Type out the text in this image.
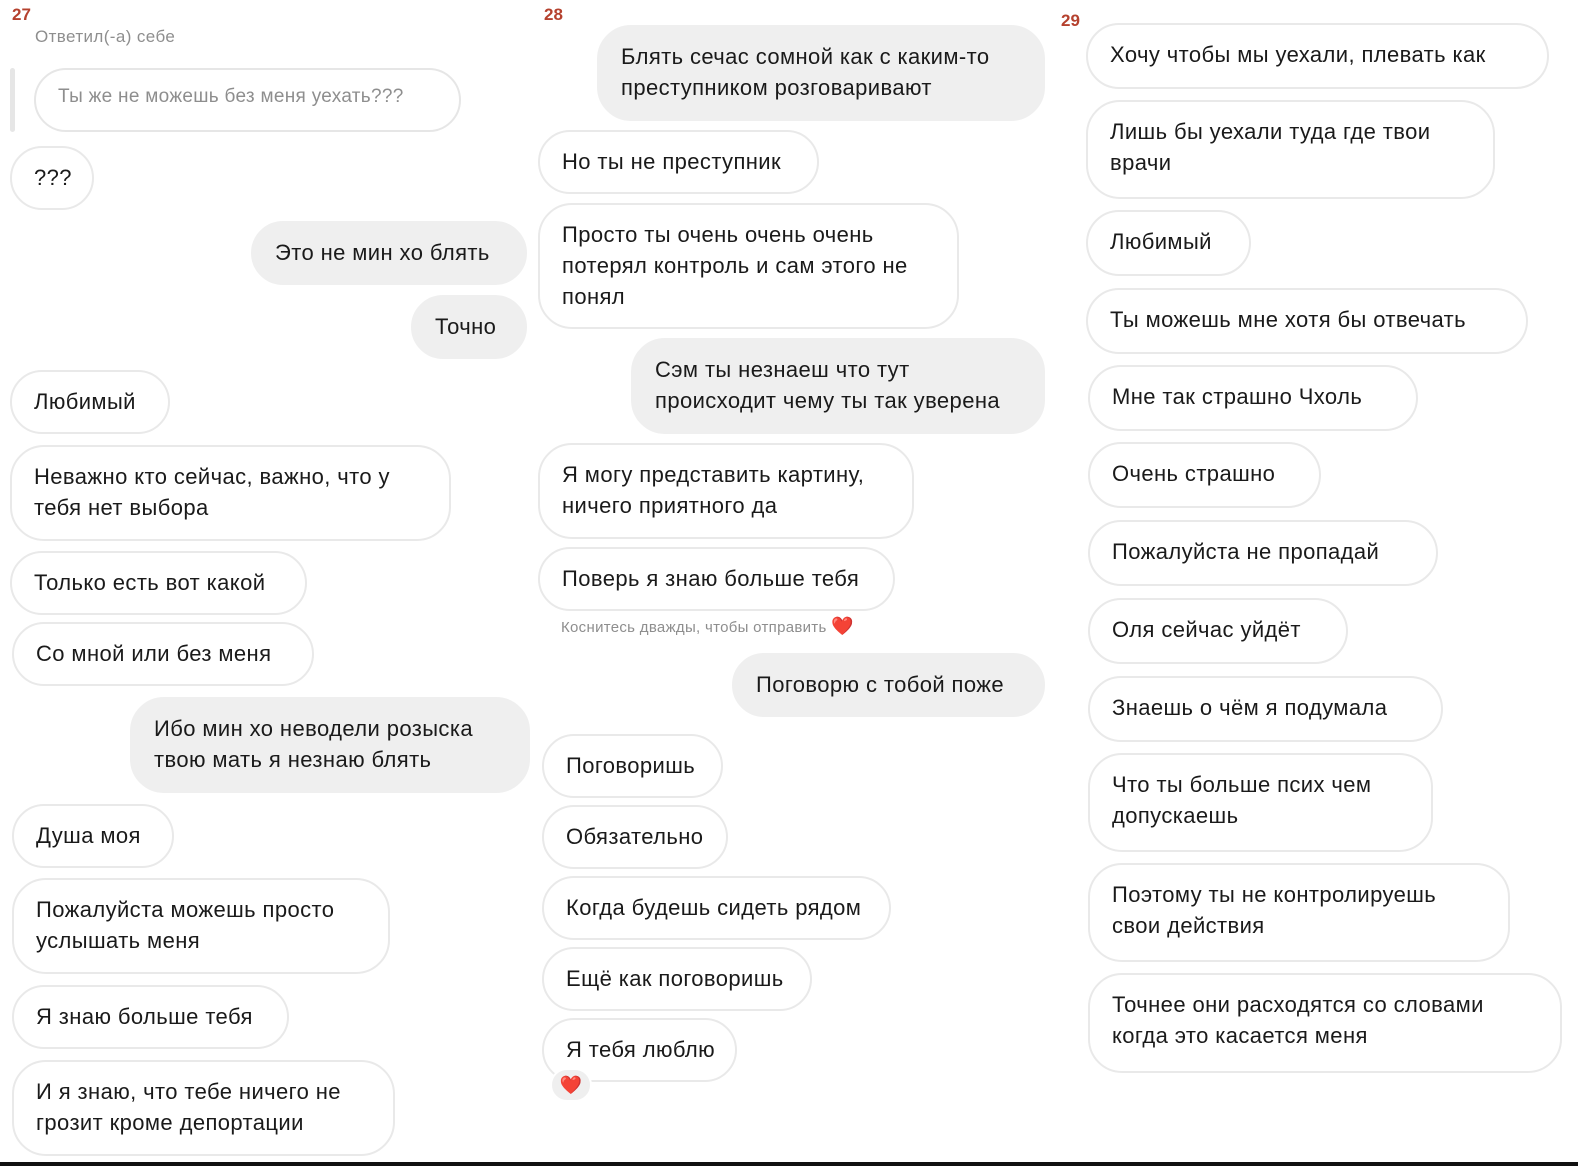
27
Ответил(-а) себе
Ты же не можешь без меня уехать???
???
Это не мин хо блять
Точно
Любимый
Неважно кто сейчас, важно, что у
тебя нет выбора
Только есть вот какой
Со мной или без меня
Ибо мин хо неводели розыска
твою мать я незнаю блять
Душа моя
Пожалуйста можешь просто
услышать меня
Я знаю больше тебя
И я знаю, что тебе ничего не
грозит кроме депортации
28
Блять сечас сомной как с каким-то
преступником розговаривают
Но ты не преступник
Просто ты очень очень очень
потерял контроль и сам этого не
понял
Сэм ты незнаеш что тут
происходит чему ты так уверена
Я могу представить картину,
ничего приятного да
Поверь я знаю больше тебя
Коснитесь дважды, чтобы отправить ❤️
Поговорю с тобой поже
Поговоришь
Обязательно
Когда будешь сидеть рядом
Ещё как поговоришь
Я тебя люблю
❤️
29
Хочу чтобы мы уехали, плевать как
Лишь бы уехали туда где твои
врачи
Любимый
Ты можешь мне хотя бы отвечать
Мне так страшно Чхоль
Очень страшно
Пожалуйста не пропадай
Оля сейчас уйдёт
Знаешь о чём я подумала
Что ты больше псих чем
допускаешь
Поэтому ты не контролируешь
свои действия
Точнее они расходятся со словами
когда это касается меня
